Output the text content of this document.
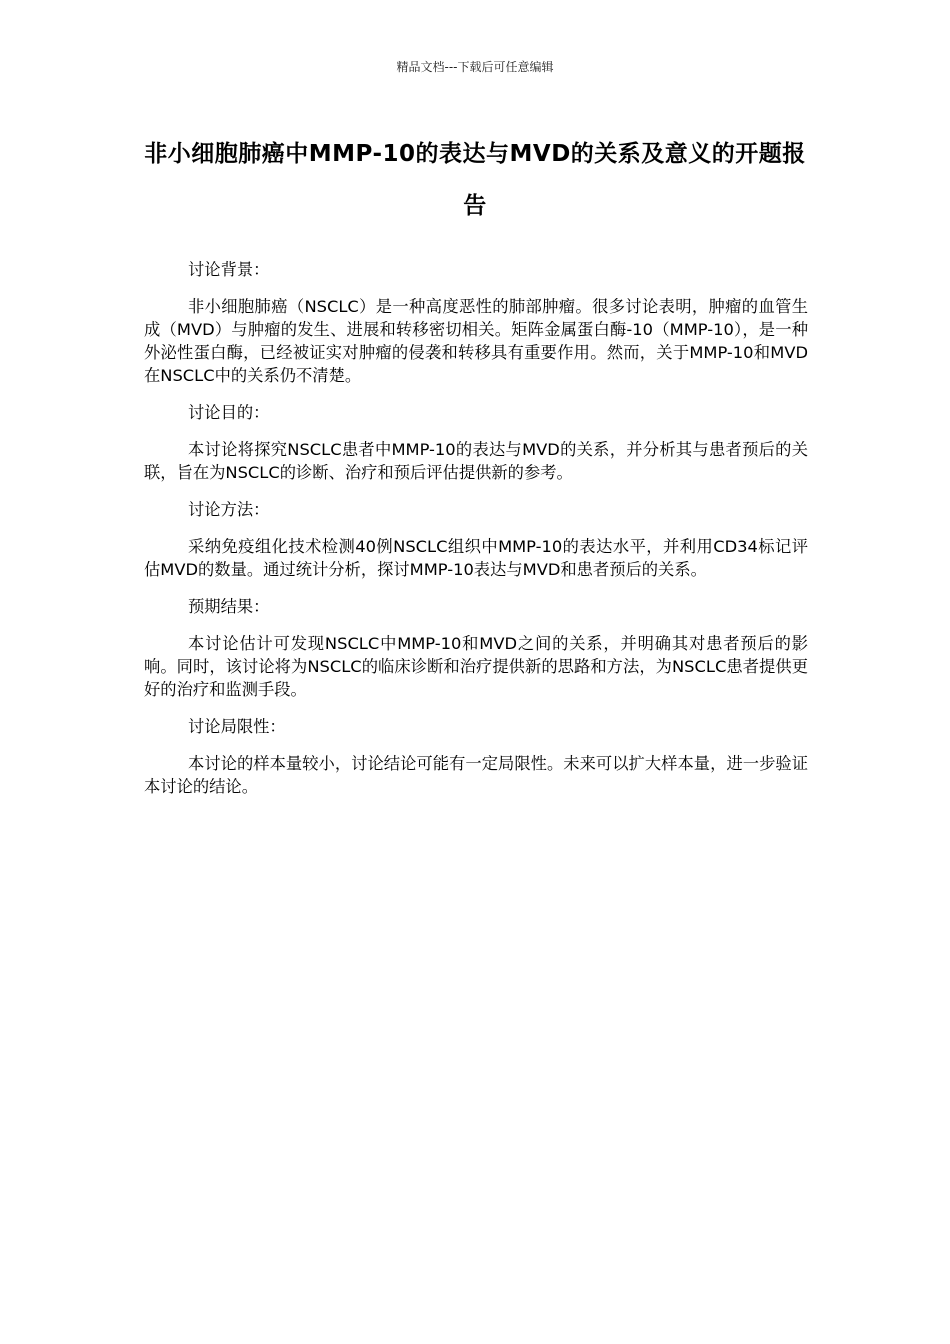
精品文档---下载后可任意编辑
非小细胞肺癌中MMP-10的表达与MVD的关系及意义的开题报告

讨论背景：

非小细胞肺癌（NSCLC）是一种高度恶性的肺部肿瘤。很多讨论表明，肿瘤的血管生成（MVD）与肿瘤的发生、进展和转移密切相关。矩阵金属蛋白酶-10（MMP-10），是一种外泌性蛋白酶，已经被证实对肿瘤的侵袭和转移具有重要作用。然而，关于MMP-10和MVD在NSCLC中的关系仍不清楚。

讨论目的：

本讨论将探究NSCLC患者中MMP-10的表达与MVD的关系，并分析其与患者预后的关联，旨在为NSCLC的诊断、治疗和预后评估提供新的参考。

讨论方法：

采纳免疫组化技术检测40例NSCLC组织中MMP-10的表达水平，并利用CD34标记评估MVD的数量。通过统计分析，探讨MMP-10表达与MVD和患者预后的关系。

预期结果：

本讨论估计可发现NSCLC中MMP-10和MVD之间的关系，并明确其对患者预后的影响。同时，该讨论将为NSCLC的临床诊断和治疗提供新的思路和方法，为NSCLC患者提供更好的治疗和监测手段。

讨论局限性：

本讨论的样本量较小，讨论结论可能有一定局限性。未来可以扩大样本量，进一步验证本讨论的结论。
